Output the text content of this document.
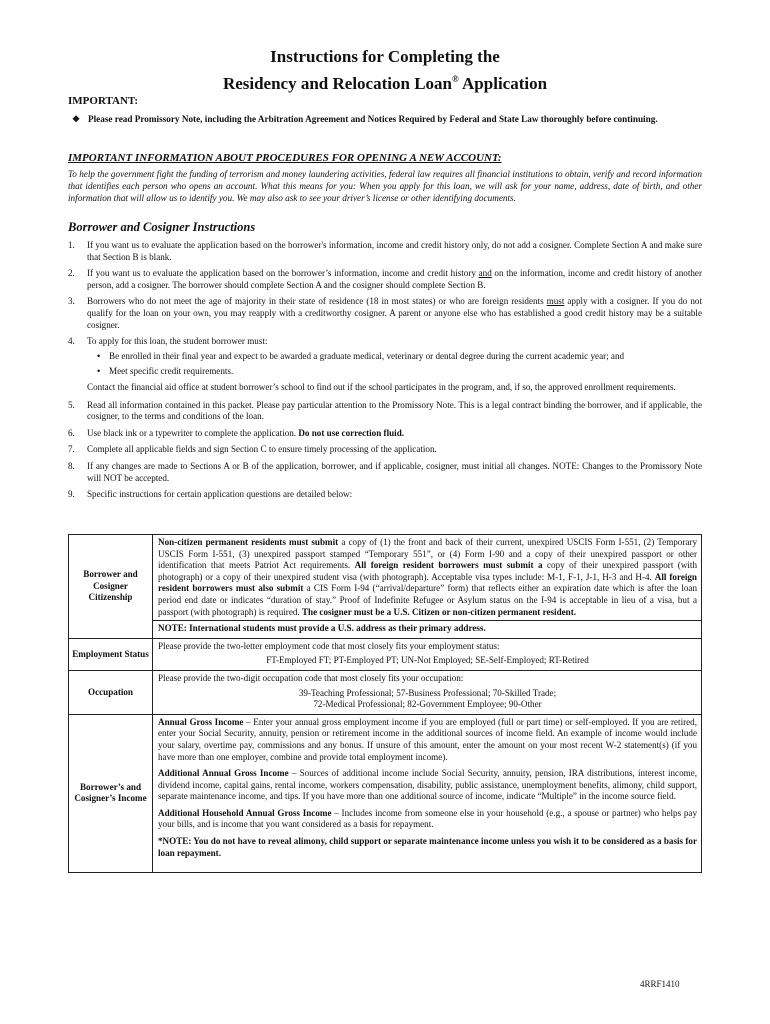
Instructions for Completing the
Residency and Relocation Loan® Application
IMPORTANT:
❖ Please read Promissory Note, including the Arbitration Agreement and Notices Required by Federal and State Law thoroughly before continuing.
IMPORTANT INFORMATION ABOUT PROCEDURES FOR OPENING A NEW ACCOUNT:
To help the government fight the funding of terrorism and money laundering activities, federal law requires all financial institutions to obtain, verify and record information that identifies each person who opens an account. What this means for you: When you apply for this loan, we will ask for your name, address, date of birth, and other information that will allow us to identify you. We may also ask to see your driver’s license or other identifying documents.
Borrower and Cosigner Instructions
1.	If you want us to evaluate the application based on the borrower's information, income and credit history only, do not add a cosigner. Complete Section A and make sure that Section B is blank.
2.	If you want us to evaluate the application based on the borrower’s information, income and credit history and on the information, income and credit history of another person, add a cosigner. The borrower should complete Section A and the cosigner should complete Section B.
3.	Borrowers who do not meet the age of majority in their state of residence (18 in most states) or who are foreign residents must apply with a cosigner. If you do not qualify for the loan on your own, you may reapply with a creditworthy cosigner. A parent or anyone else who has established a good credit history may be a suitable cosigner.
4.	To apply for this loan, the student borrower must:
• Be enrolled in their final year and expect to be awarded a graduate medical, veterinary or dental degree during the current academic year; and
• Meet specific credit requirements.
Contact the financial aid office at student borrower’s school to find out if the school participates in the program, and, if so, the approved enrollment requirements.
5.	Read all information contained in this packet. Please pay particular attention to the Promissory Note. This is a legal contract binding the borrower, and if applicable, the cosigner, to the terms and conditions of the loan.
6.	Use black ink or a typewriter to complete the application. Do not use correction fluid.
7.	Complete all applicable fields and sign Section C to ensure timely processing of the application.
8.	If any changes are made to Sections A or B of the application, borrower, and if applicable, cosigner, must initial all changes. NOTE: Changes to the Promissory Note will NOT be accepted.
9.	Specific instructions for certain application questions are detailed below:
Borrower and Cosigner Citizenship	Non-citizen permanent residents must submit a copy of (1) the front and back of their current, unexpired USCIS Form I-551, (2) Temporary USCIS Form I-551, (3) unexpired passport stamped “Temporary 551”, or (4) Form I-90 and a copy of their unexpired passport or other identification that meets Patriot Act requirements. All foreign resident borrowers must submit a copy of their unexpired passport (with photograph) or a copy of their unexpired student visa (with photograph). Acceptable visa types include: M-1, F-1, J-1, H-3 and H-4. All foreign resident borrowers must also submit a CIS Form I-94 (“arrival/departure” form) that reflects either an expiration date which is after the loan period end date or indicates “duration of stay.” Proof of Indefinite Refugee or Asylum status on the I-94 is acceptable in lieu of a visa, but a passport (with photograph) is required. The cosigner must be a U.S. Citizen or non-citizen permanent resident.
NOTE: International students must provide a U.S. address as their primary address.

Employment Status	Please provide the two-letter employment code that most closely fits your employment status:
FT-Employed FT; PT-Employed PT; UN-Not Employed; SE-Self-Employed; RT-Retired

Occupation	Please provide the two-digit occupation code that most closely fits your occupation:
39-Teaching Professional; 57-Business Professional; 70-Skilled Trade;
72-Medical Professional; 82-Government Employee; 90-Other

Borrower’s and Cosigner’s Income	Annual Gross Income – Enter your annual gross employment income if you are employed (full or part time) or self-employed. If you are retired, enter your Social Security, annuity, pension or retirement income in the additional sources of income field. An example of income would include your salary, overtime pay, commissions and any bonus. If unsure of this amount, enter the amount on your most recent W-2 statement(s) (if you have more than one employer, combine and provide total employment income).
Additional Annual Gross Income – Sources of additional income include Social Security, annuity, pension, IRA distributions, interest income, dividend income, capital gains, rental income, workers compensation, disability, public assistance, unemployment benefits, alimony, child support, separate maintenance income, and tips. If you have more than one additional source of income, indicate “Multiple” in the income source field.
Additional Household Annual Gross Income – Includes income from someone else in your household (e.g., a spouse or partner) who helps pay your bills, and is income that you want considered as a basis for repayment.
*NOTE: You do not have to reveal alimony, child support or separate maintenance income unless you wish it to be considered as a basis for loan repayment.
4RRF1410
